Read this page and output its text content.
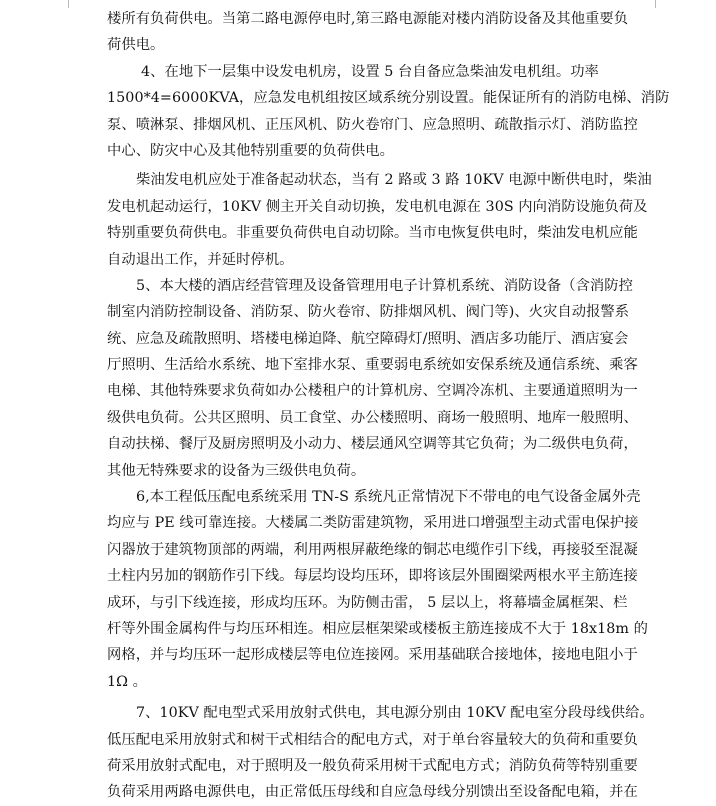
楼所有负荷供电。当第二路电源停电时,第三路电源能对楼内消防设备及其他重要负
荷供电。
4、在地下一层集中设发电机房，设置 5 台自备应急柴油发电机组。功率
1500*4=6000KVA，应急发电机组按区域系统分别设置。能保证所有的消防电梯、消防
泵、喷淋泵、排烟风机、正压风机、防火卷帘门、应急照明、疏散指示灯、消防监控
中心、防灾中心及其他特别重要的负荷供电。
柴油发电机应处于准备起动状态，当有 2 路或 3 路 10KV 电源中断供电时，柴油
发电机起动运行，10KV 侧主开关自动切换，发电机电源在 30S 内向消防设施负荷及
特别重要负荷供电。非重要负荷供电自动切除。当市电恢复供电时，柴油发电机应能
自动退出工作，并延时停机。
5、本大楼的酒店经营管理及设备管理用电子计算机系统、消防设备（含消防控
制室内消防控制设备、消防泵、防火卷帘、防排烟风机、阀门等)、火灾自动报警系
统、应急及疏散照明、塔楼电梯迫降、航空障碍灯/照明、酒店多功能厅、酒店宴会
厅照明、生活给水系统、地下室排水泵、重要弱电系统如安保系统及通信系统、乘客
电梯、其他特殊要求负荷如办公楼租户的计算机房、空调冷冻机、主要通道照明为一
级供电负荷。公共区照明、员工食堂、办公楼照明、商场一般照明、地库一般照明、
自动扶梯、餐厅及厨房照明及小动力、楼层通风空调等其它负荷；为二级供电负荷，
其他无特殊要求的设备为三级供电负荷。
6,本工程低压配电系统采用 TN-S 系统凡正常情况下不带电的电气设备金属外壳
均应与 PE 线可靠连接。大楼属二类防雷建筑物，采用进口增强型主动式雷电保护接
闪器放于建筑物顶部的两端，利用两根屏蔽绝缘的铜芯电缆作引下线，再接驳至混凝
土柱内另加的钢筋作引下线。每层均设均压环，即将该层外围圈梁两根水平主筋连接
成环，与引下线连接，形成均压环。为防侧击雷， 5 层以上，将幕墙金属框架、栏
杆等外围金属构件与均压环相连。相应层框架梁或楼板主筋连接成不大于 18x18m 的
网格，并与均压环一起形成楼层等电位连接网。采用基础联合接地体，接地电阻小于
1Ω 。
7、10KV 配电型式采用放射式供电，其电源分别由 10KV 配电室分段母线供给。
低压配电采用放射式和树干式相结合的配电方式，对于单台容量较大的负荷和重要负
荷采用放射式配电，对于照明及一般负荷采用树干式配电方式；消防负荷等特别重要
负荷采用两路电源供电，由正常低压母线和自应急母线分别馈出至设备配电箱，并在
